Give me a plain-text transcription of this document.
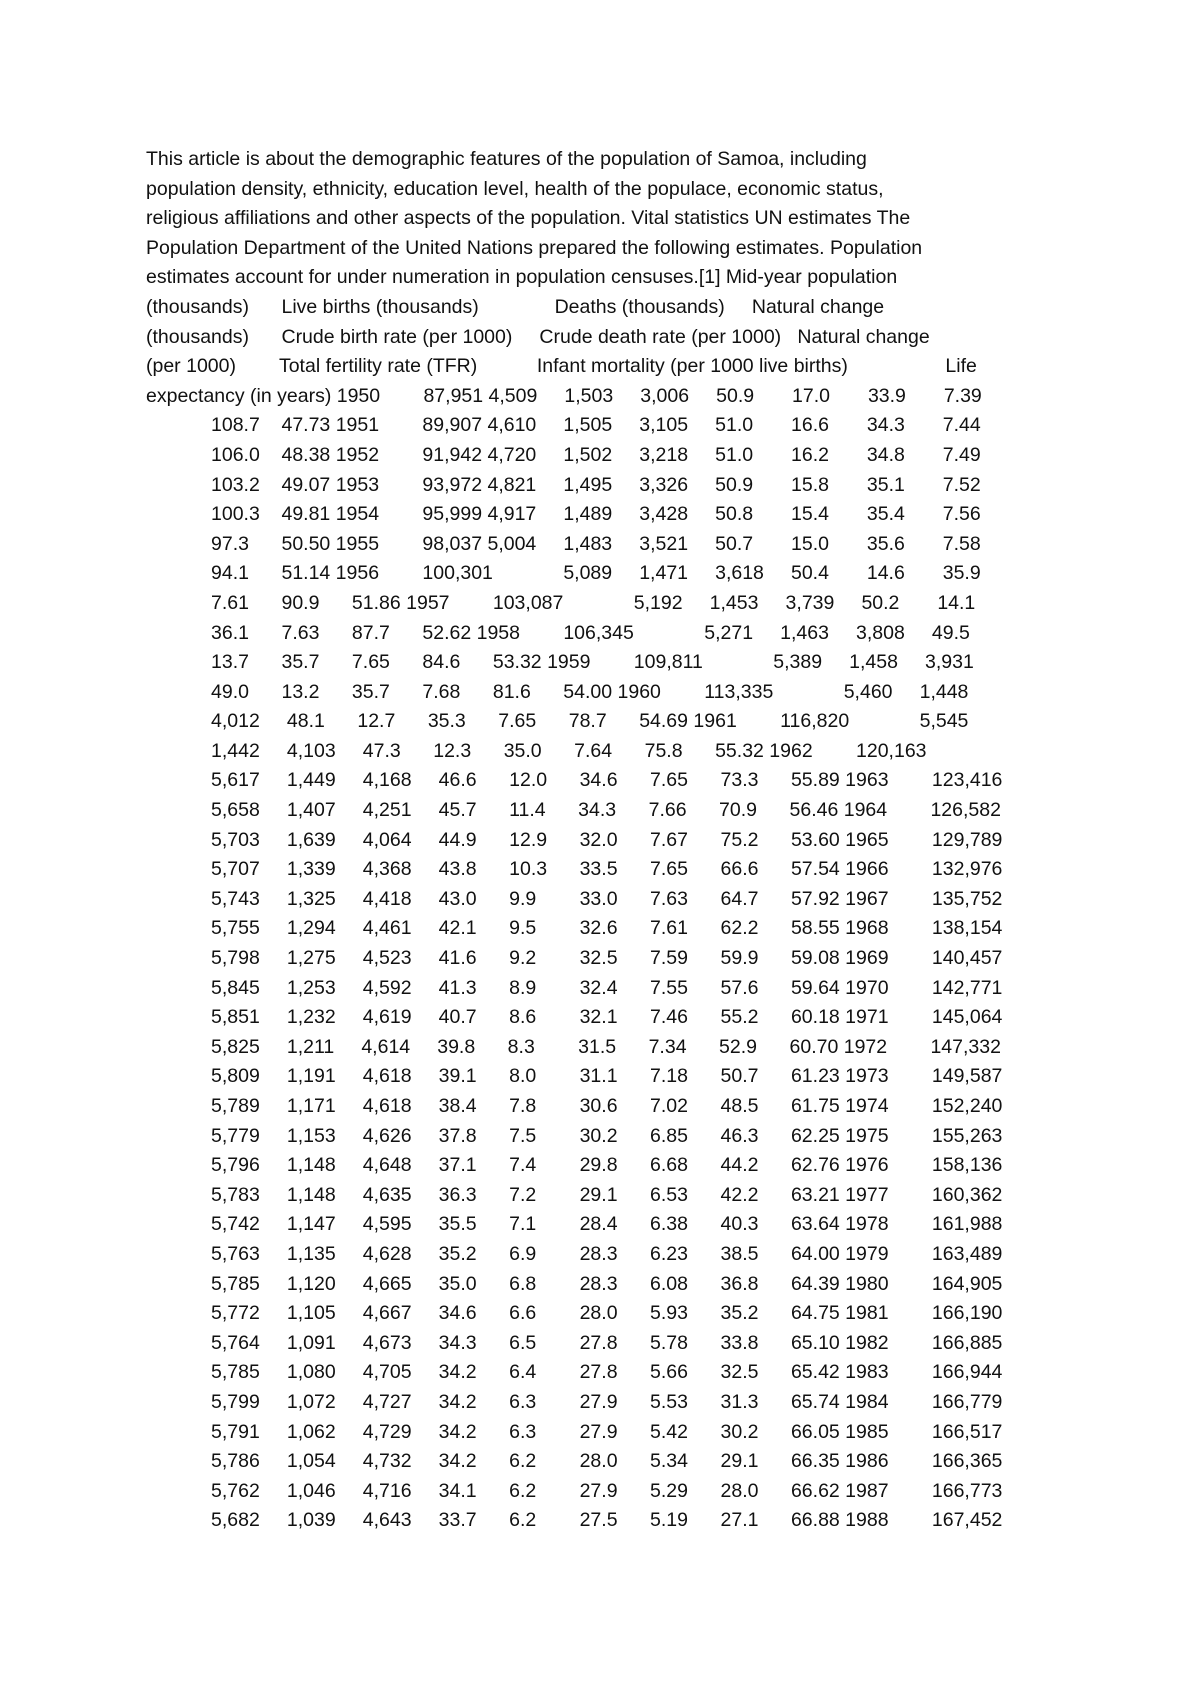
This article is about the demographic features of the population of Samoa, including
population density, ethnicity, education level, health of the populace, economic status,
religious affiliations and other aspects of the population. Vital statistics UN estimates The
Population Department of the United Nations prepared the following estimates. Population
estimates account for under numeration in population censuses.[1] Mid-year population
(thousands)      Live births (thousands)              Deaths (thousands)     Natural change
(thousands)      Crude birth rate (per 1000)     Crude death rate (per 1000)   Natural change
(per 1000)        Total fertility rate (TFR)           Infant mortality (per 1000 live births)                  Life
expectancy (in years) 1950        87,951 4,509     1,503     3,006     50.9       17.0       33.9       7.39
108.7    47.73 1951        89,907 4,610     1,505     3,105     51.0       16.6       34.3       7.44
106.0    48.38 1952        91,942 4,720     1,502     3,218     51.0       16.2       34.8       7.49
103.2    49.07 1953        93,972 4,821     1,495     3,326     50.9       15.8       35.1       7.52
100.3    49.81 1954        95,999 4,917     1,489     3,428     50.8       15.4       35.4       7.56
97.3      50.50 1955        98,037 5,004     1,483     3,521     50.7       15.0       35.6       7.58
94.1      51.14 1956        100,301             5,089     1,471     3,618     50.4       14.6       35.9
7.61      90.9      51.86 1957        103,087             5,192     1,453     3,739     50.2       14.1
36.1      7.63      87.7      52.62 1958        106,345             5,271     1,463     3,808     49.5
13.7      35.7      7.65      84.6      53.32 1959        109,811             5,389     1,458     3,931
49.0      13.2      35.7      7.68      81.6      54.00 1960        113,335             5,460     1,448
4,012     48.1      12.7      35.3      7.65      78.7      54.69 1961        116,820             5,545
1,442     4,103     47.3      12.3      35.0      7.64      75.8      55.32 1962        120,163
5,617     1,449     4,168     46.6      12.0      34.6      7.65      73.3      55.89 1963        123,416
5,658     1,407     4,251     45.7      11.4      34.3      7.66      70.9      56.46 1964        126,582
5,703     1,639     4,064     44.9      12.9      32.0      7.67      75.2      53.60 1965        129,789
5,707     1,339     4,368     43.8      10.3      33.5      7.65      66.6      57.54 1966        132,976
5,743     1,325     4,418     43.0      9.9        33.0      7.63      64.7      57.92 1967        135,752
5,755     1,294     4,461     42.1      9.5        32.6      7.61      62.2      58.55 1968        138,154
5,798     1,275     4,523     41.6      9.2        32.5      7.59      59.9      59.08 1969        140,457
5,845     1,253     4,592     41.3      8.9        32.4      7.55      57.6      59.64 1970        142,771
5,851     1,232     4,619     40.7      8.6        32.1      7.46      55.2      60.18 1971        145,064
5,825     1,211     4,614     39.8      8.3        31.5      7.34      52.9      60.70 1972        147,332
5,809     1,191     4,618     39.1      8.0        31.1      7.18      50.7      61.23 1973        149,587
5,789     1,171     4,618     38.4      7.8        30.6      7.02      48.5      61.75 1974        152,240
5,779     1,153     4,626     37.8      7.5        30.2      6.85      46.3      62.25 1975        155,263
5,796     1,148     4,648     37.1      7.4        29.8      6.68      44.2      62.76 1976        158,136
5,783     1,148     4,635     36.3      7.2        29.1      6.53      42.2      63.21 1977        160,362
5,742     1,147     4,595     35.5      7.1        28.4      6.38      40.3      63.64 1978        161,988
5,763     1,135     4,628     35.2      6.9        28.3      6.23      38.5      64.00 1979        163,489
5,785     1,120     4,665     35.0      6.8        28.3      6.08      36.8      64.39 1980        164,905
5,772     1,105     4,667     34.6      6.6        28.0      5.93      35.2      64.75 1981        166,190
5,764     1,091     4,673     34.3      6.5        27.8      5.78      33.8      65.10 1982        166,885
5,785     1,080     4,705     34.2      6.4        27.8      5.66      32.5      65.42 1983        166,944
5,799     1,072     4,727     34.2      6.3        27.9      5.53      31.3      65.74 1984        166,779
5,791     1,062     4,729     34.2      6.3        27.9      5.42      30.2      66.05 1985        166,517
5,786     1,054     4,732     34.2      6.2        28.0      5.34      29.1      66.35 1986        166,365
5,762     1,046     4,716     34.1      6.2        27.9      5.29      28.0      66.62 1987        166,773
5,682     1,039     4,643     33.7      6.2        27.5      5.19      27.1      66.88 1988        167,452
